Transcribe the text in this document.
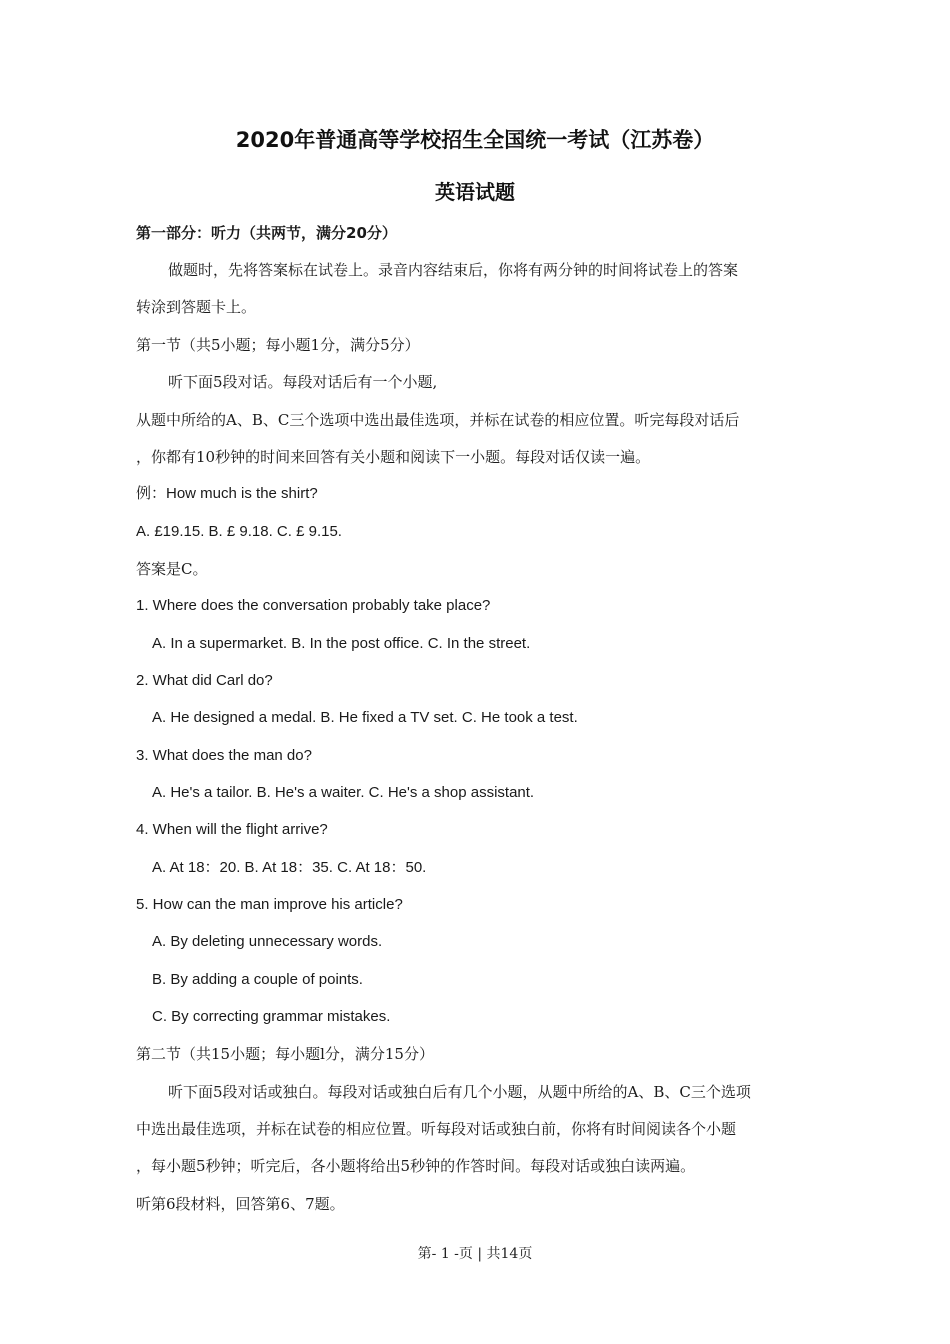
2020年普通高等学校招生全国统一考试（江苏卷）
英语试题
第一部分：听力（共两节，满分20分）
做题时，先将答案标在试卷上。录音内容结束后，你将有两分钟的时间将试卷上的答案
转涂到答题卡上。
第一节（共5小题；每小题1分，满分5分）
听下面5段对话。每段对话后有一个小题,
从题中所给的A、B、C三个选项中选出最佳选项，并标在试卷的相应位置。听完每段对话后
，你都有10秒钟的时间来回答有关小题和阅读下一小题。每段对话仅读一遍。
例：How much is the shirt?
A. £19.15. B. £ 9.18. C. £ 9.15.
答案是C。
1. Where does the conversation probably take place?
A. In a supermarket. B. In the post office. C. In the street.
2. What did Carl do?
A. He designed a medal. B. He fixed a TV set. C. He took a test.
3. What does the man do?
A. He's a tailor. B. He's a waiter. C. He's a shop assistant.
4. When will the flight arrive?
A. At 18：20. B. At 18：35. C. At 18：50.
5. How can the man improve his article?
A. By deleting unnecessary words.
B. By adding a couple of points.
C. By correcting grammar mistakes.
第二节（共15小题；每小题l分，满分15分）
听下面5段对话或独白。每段对话或独白后有几个小题，从题中所给的A、B、C三个选项
中选出最佳选项，并标在试卷的相应位置。听每段对话或独白前，你将有时间阅读各个小题
，每小题5秒钟；听完后，各小题将给出5秒钟的作答时间。每段对话或独白读两遍。
听第6段材料，回答第6、7题。
第- 1 -页 | 共14页
